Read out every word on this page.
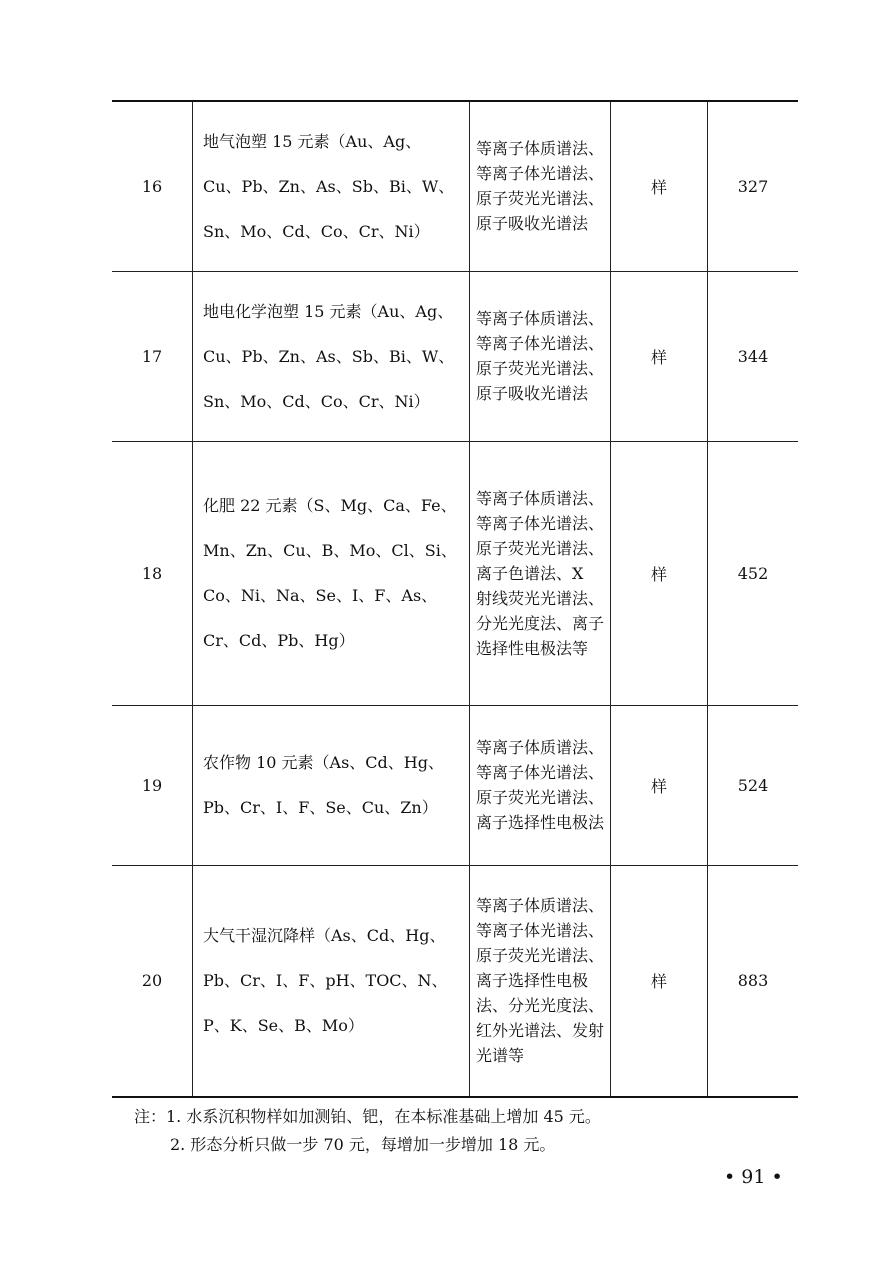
16	地气泡塑 15 元素（Au、Ag、Cu、Pb、Zn、As、Sb、Bi、W、Sn、Mo、Cd、Co、Cr、Ni）	等离子体质谱法、等离子体光谱法、原子荧光光谱法、原子吸收光谱法	样	327
17	地电化学泡塑 15 元素（Au、Ag、Cu、Pb、Zn、As、Sb、Bi、W、Sn、Mo、Cd、Co、Cr、Ni）	等离子体质谱法、等离子体光谱法、原子荧光光谱法、原子吸收光谱法	样	344
18	化肥 22 元素（S、Mg、Ca、Fe、Mn、Zn、Cu、B、Mo、Cl、Si、Co、Ni、Na、Se、I、F、As、Cr、Cd、Pb、Hg）	等离子体质谱法、等离子体光谱法、原子荧光光谱法、离子色谱法、X 射线荧光光谱法、分光光度法、离子选择性电极法等	样	452
19	农作物 10 元素（As、Cd、Hg、Pb、Cr、I、F、Se、Cu、Zn）	等离子体质谱法、等离子体光谱法、原子荧光光谱法、离子选择性电极法	样	524
20	大气干湿沉降样（As、Cd、Hg、Pb、Cr、I、F、pH、TOC、N、P、K、Se、B、Mo）	等离子体质谱法、等离子体光谱法、原子荧光光谱法、离子选择性电极法、分光光度法、红外光谱法、发射光谱等	样	883
注：1. 水系沉积物样如加测铂、钯，在本标准基础上增加 45 元。
2. 形态分析只做一步 70 元，每增加一步增加 18 元。
• 91 •
